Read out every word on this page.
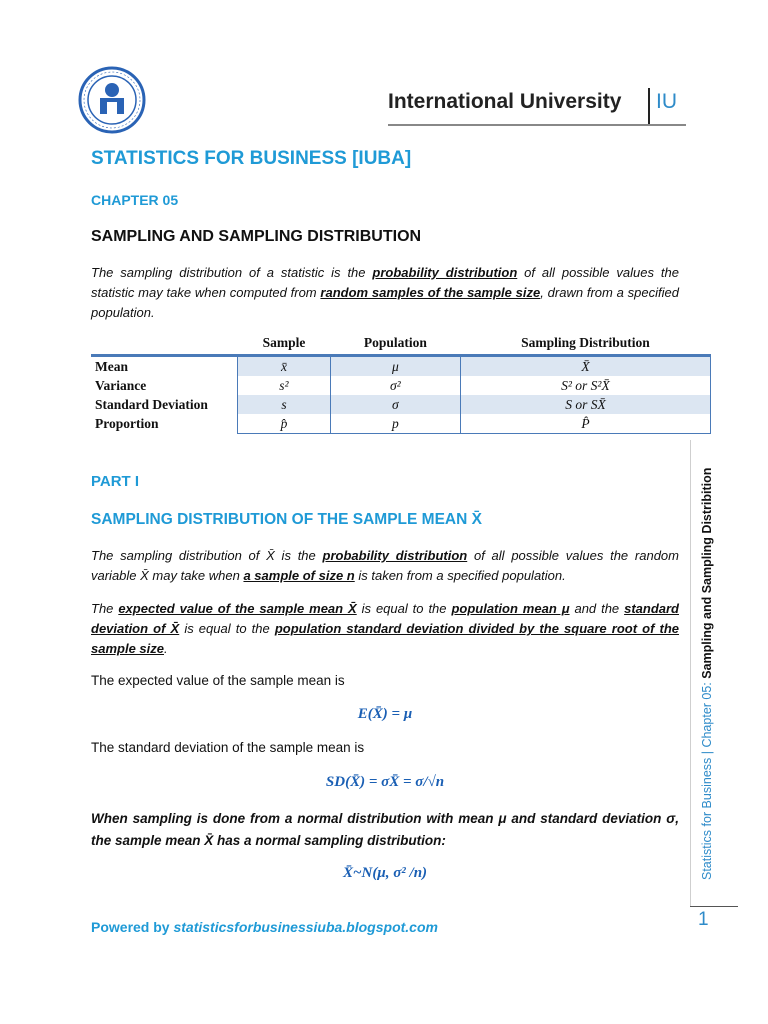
International University IU
STATISTICS FOR BUSINESS [IUBA]
CHAPTER 05
SAMPLING AND SAMPLING DISTRIBUTION
The sampling distribution of a statistic is the probability distribution of all possible values the statistic may take when computed from random samples of the sample size, drawn from a specified population.
	Sample	Population	Sampling Distribution
Mean	x̄	μ	X̄
Variance	s²	σ²	S² or S²X̄
Standard Deviation	s	σ	S or SX̄
Proportion	p̂	p	P̂
PART I
SAMPLING DISTRIBUTION OF THE SAMPLE MEAN X̄
The sampling distribution of X̄ is the probability distribution of all possible values the random variable X̄ may take when a sample of size n is taken from a specified population.
The expected value of the sample mean X̄ is equal to the population mean μ and the standard deviation of X̄ is equal to the population standard deviation divided by the square root of the sample size.
The expected value of the sample mean is
E(X̄) = μ
The standard deviation of the sample mean is
SD(X̄) = σX̄ = σ/√n
When sampling is done from a normal distribution with mean μ and standard deviation σ, the sample mean X̄ has a normal sampling distribution:
X̄~N(μ, σ² /n)
Powered by statisticsforbusinessiuba.blogspot.com
Statistics for Business | Chapter 05: Sampling and Sampling Distribition
1
